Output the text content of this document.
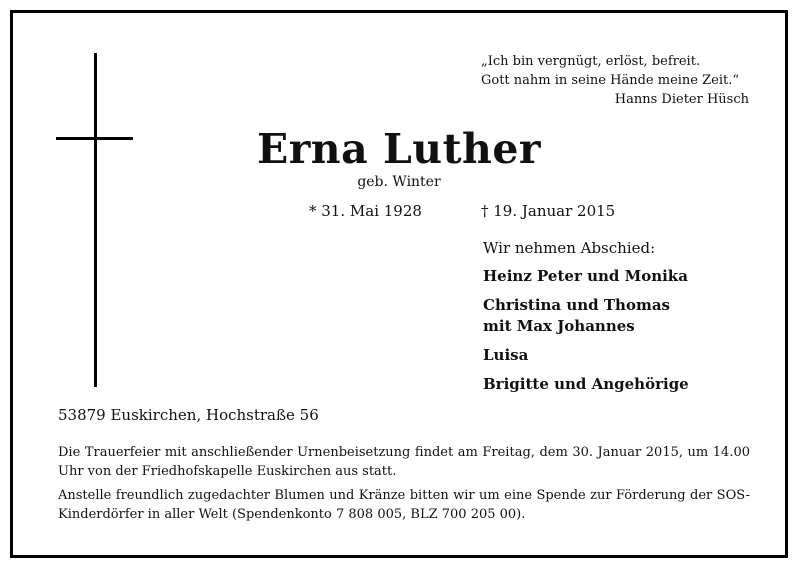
„Ich bin vergnügt, erlöst, befreit.
Gott nahm in seine Hände meine Zeit.“
Hanns Dieter Hüsch
Erna Luther
geb. Winter
* 31. Mai 1928	† 19. Januar 2015
Wir nehmen Abschied:
Heinz Peter und Monika
Christina und Thomas
mit Max Johannes
Luisa
Brigitte und Angehörige
53879 Euskirchen, Hochstraße 56
Die Trauerfeier mit anschließender Urnenbeisetzung findet am Freitag, dem 30. Januar 2015, um 14.00 Uhr von der Friedhofskapelle Euskirchen aus statt.
Anstelle freundlich zugedachter Blumen und Kränze bitten wir um eine Spende zur Förderung der SOS-Kinderdörfer in aller Welt (Spendenkonto 7 808 005, BLZ 700 205 00).
